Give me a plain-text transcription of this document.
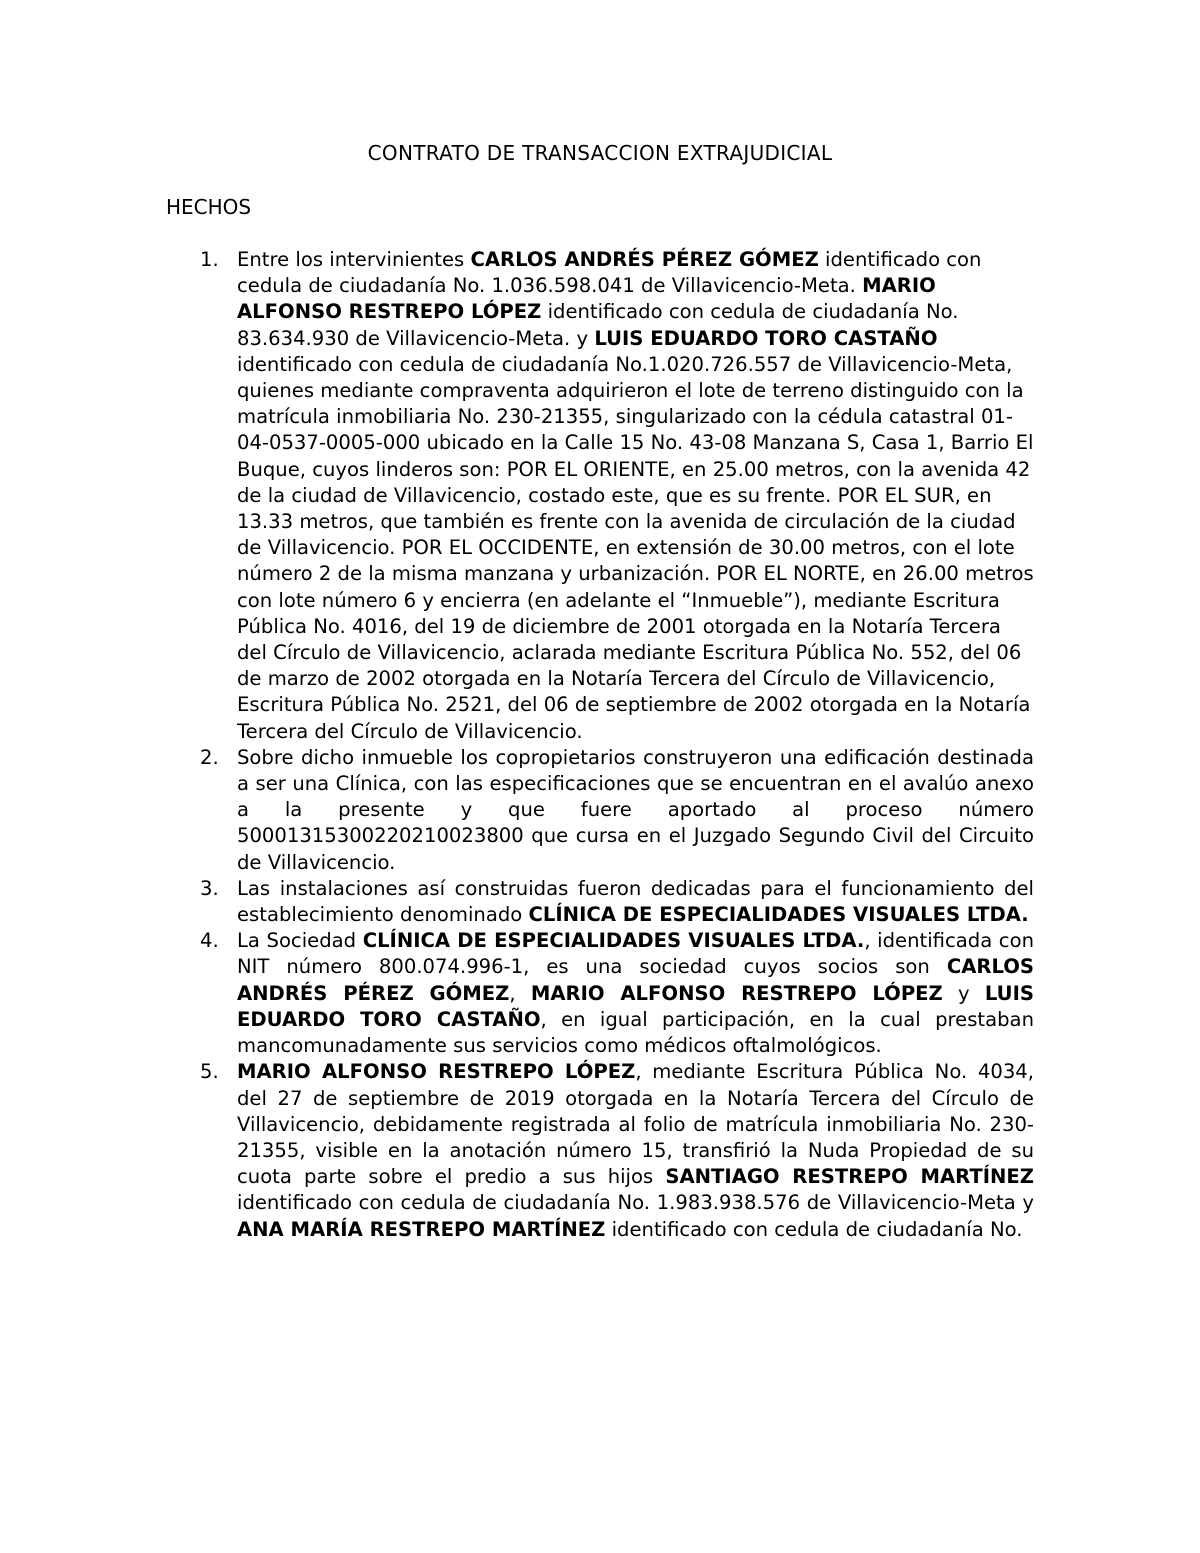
CONTRATO DE TRANSACCION EXTRAJUDICIAL
HECHOS
1. Entre los intervinientes CARLOS ANDRÉS PÉREZ GÓMEZ identificado con cedula de ciudadanía No. 1.036.598.041 de Villavicencio-Meta. MARIO ALFONSO RESTREPO LÓPEZ identificado con cedula de ciudadanía No. 83.634.930 de Villavicencio-Meta. y LUIS EDUARDO TORO CASTAÑO identificado con cedula de ciudadanía No.1.020.726.557 de Villavicencio-Meta, quienes mediante compraventa adquirieron el lote de terreno distinguido con la matrícula inmobiliaria No. 230-21355, singularizado con la cédula catastral 01-04-0537-0005-000 ubicado en la Calle 15 No. 43-08 Manzana S, Casa 1, Barrio El Buque, cuyos linderos son: POR EL ORIENTE, en 25.00 metros, con la avenida 42 de la ciudad de Villavicencio, costado este, que es su frente. POR EL SUR, en 13.33 metros, que también es frente con la avenida de circulación de la ciudad de Villavicencio. POR EL OCCIDENTE, en extensión de 30.00 metros, con el lote número 2 de la misma manzana y urbanización. POR EL NORTE, en 26.00 metros con lote número 6 y encierra (en adelante el “Inmueble”), mediante Escritura Pública No. 4016, del 19 de diciembre de 2001 otorgada en la Notaría Tercera del Círculo de Villavicencio, aclarada mediante Escritura Pública No. 552, del 06 de marzo de 2002 otorgada en la Notaría Tercera del Círculo de Villavicencio, Escritura Pública No. 2521, del 06 de septiembre de 2002 otorgada en la Notaría Tercera del Círculo de Villavicencio.
2. Sobre dicho inmueble los copropietarios construyeron una edificación destinada a ser una Clínica, con las especificaciones que se encuentran en el avalúo anexo a la presente y que fuere aportado al proceso número 50001315300220210023800 que cursa en el Juzgado Segundo Civil del Circuito de Villavicencio.
3. Las instalaciones así construidas fueron dedicadas para el funcionamiento del establecimiento denominado CLÍNICA DE ESPECIALIDADES VISUALES LTDA.
4. La Sociedad CLÍNICA DE ESPECIALIDADES VISUALES LTDA., identificada con NIT número 800.074.996-1, es una sociedad cuyos socios son CARLOS ANDRÉS PÉREZ GÓMEZ, MARIO ALFONSO RESTREPO LÓPEZ y LUIS EDUARDO TORO CASTAÑO, en igual participación, en la cual prestaban mancomunadamente sus servicios como médicos oftalmológicos.
5. MARIO ALFONSO RESTREPO LÓPEZ, mediante Escritura Pública No. 4034, del 27 de septiembre de 2019 otorgada en la Notaría Tercera del Círculo de Villavicencio, debidamente registrada al folio de matrícula inmobiliaria No. 230-21355, visible en la anotación número 15, transfirió la Nuda Propiedad de su cuota parte sobre el predio a sus hijos SANTIAGO RESTREPO MARTÍNEZ identificado con cedula de ciudadanía No. 1.983.938.576 de Villavicencio-Meta y ANA MARÍA RESTREPO MARTÍNEZ identificado con cedula de ciudadanía No.
